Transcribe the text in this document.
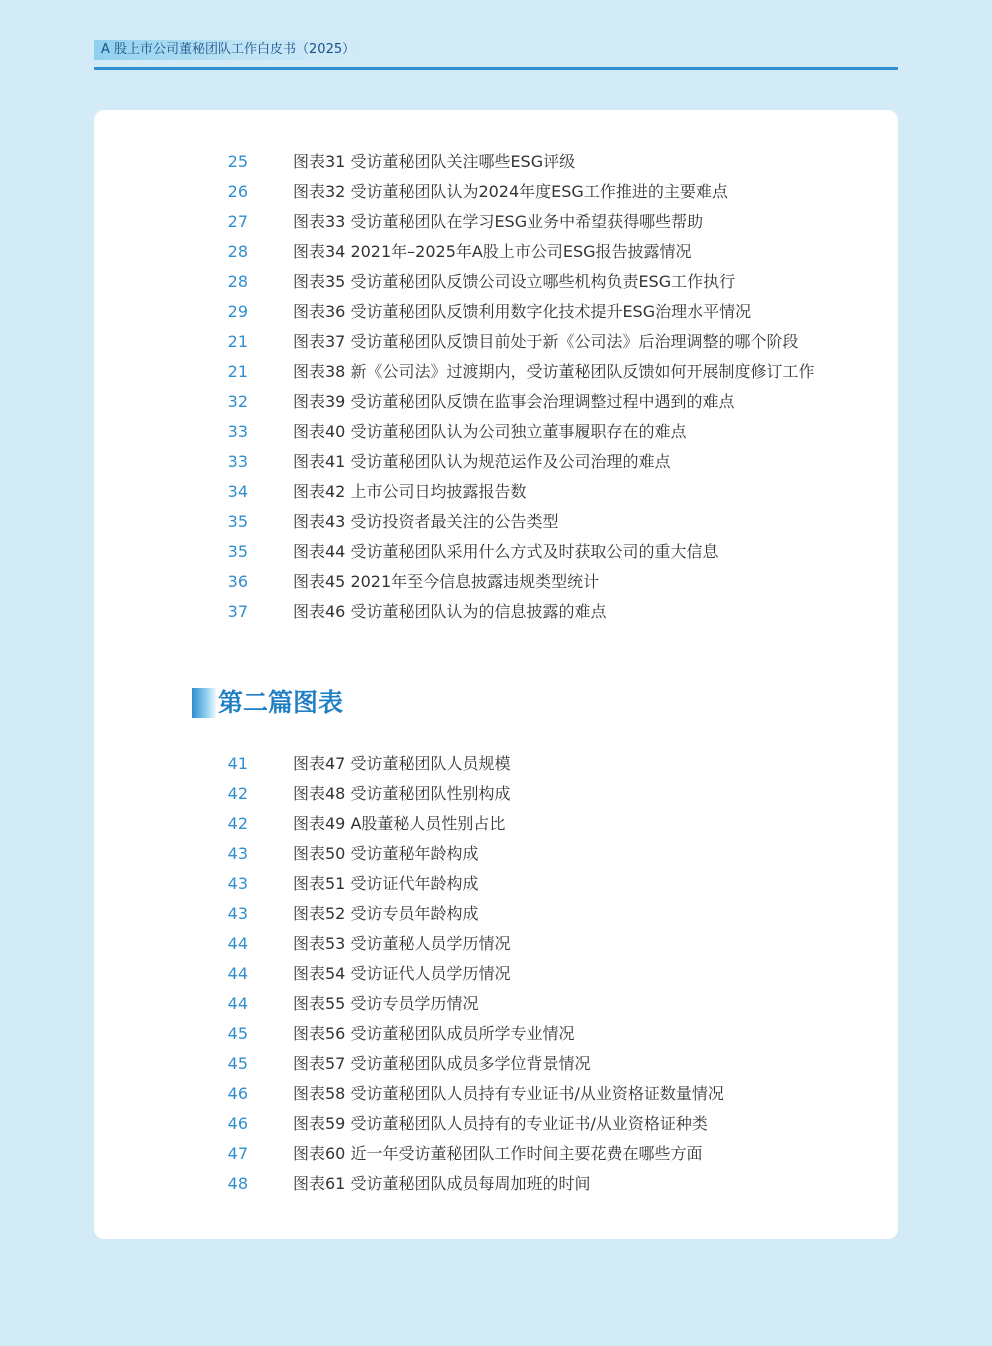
A 股上市公司董秘团队工作白皮书（2025）
25	图表31 受访董秘团队关注哪些ESG评级
26	图表32 受访董秘团队认为2024年度ESG工作推进的主要难点
27	图表33 受访董秘团队在学习ESG业务中希望获得哪些帮助
28	图表34 2021年–2025年A股上市公司ESG报告披露情况
28	图表35 受访董秘团队反馈公司设立哪些机构负责ESG工作执行
29	图表36 受访董秘团队反馈利用数字化技术提升ESG治理水平情况
21	图表37 受访董秘团队反馈目前处于新《公司法》后治理调整的哪个阶段
21	图表38 新《公司法》过渡期内，受访董秘团队反馈如何开展制度修订工作
32	图表39 受访董秘团队反馈在监事会治理调整过程中遇到的难点
33	图表40 受访董秘团队认为公司独立董事履职存在的难点
33	图表41 受访董秘团队认为规范运作及公司治理的难点
34	图表42 上市公司日均披露报告数
35	图表43 受访投资者最关注的公告类型
35	图表44 受访董秘团队采用什么方式及时获取公司的重大信息
36	图表45 2021年至今信息披露违规类型统计
37	图表46 受访董秘团队认为的信息披露的难点
第二篇图表
41	图表47 受访董秘团队人员规模
42	图表48 受访董秘团队性别构成
42	图表49 A股董秘人员性别占比
43	图表50 受访董秘年龄构成
43	图表51 受访证代年龄构成
43	图表52 受访专员年龄构成
44	图表53 受访董秘人员学历情况
44	图表54 受访证代人员学历情况
44	图表55 受访专员学历情况
45	图表56 受访董秘团队成员所学专业情况
45	图表57 受访董秘团队成员多学位背景情况
46	图表58 受访董秘团队人员持有专业证书/从业资格证数量情况
46	图表59 受访董秘团队人员持有的专业证书/从业资格证种类
47	图表60 近一年受访董秘团队工作时间主要花费在哪些方面
48	图表61 受访董秘团队成员每周加班的时间
